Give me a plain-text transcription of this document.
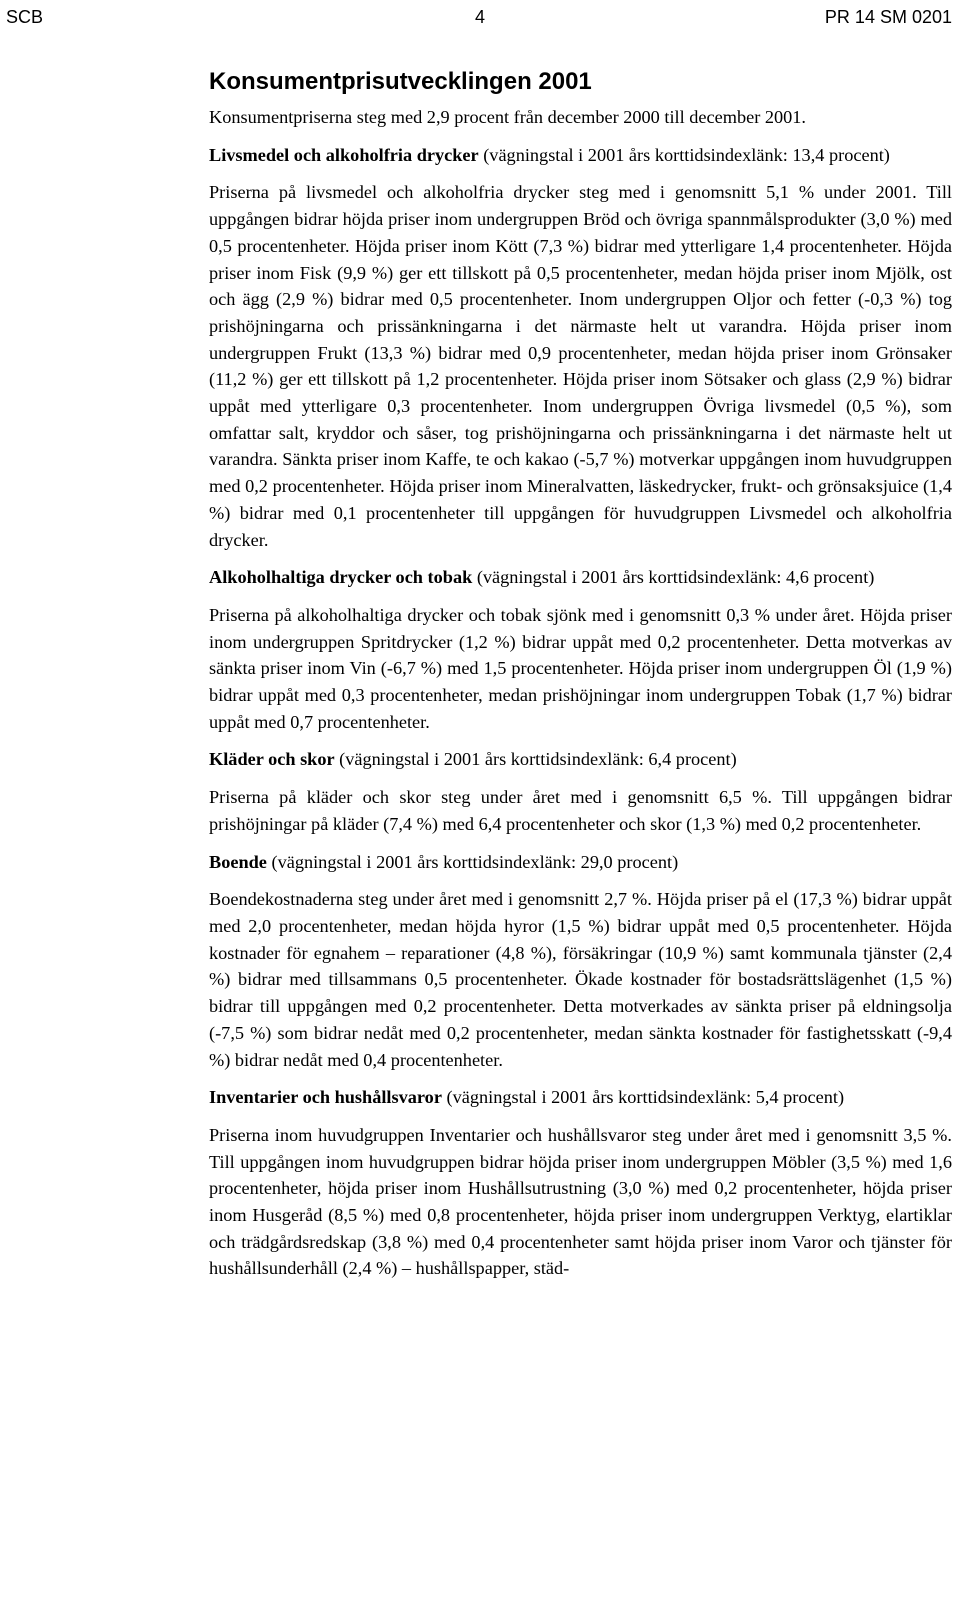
SCB	4	PR 14 SM 0201
Konsumentprisutvecklingen 2001

Konsumentpriserna steg med 2,9 procent från december 2000 till december 2001.

Livsmedel och alkoholfria drycker (vägningstal i 2001 års korttidsindexlänk: 13,4 procent)

Priserna på livsmedel och alkoholfria drycker steg med i genomsnitt 5,1 % under 2001. Till uppgången bidrar höjda priser inom undergruppen Bröd och övriga spannmålsprodukter (3,0 %) med 0,5 procentenheter. Höjda priser inom Kött (7,3 %) bidrar med ytterligare 1,4 procentenheter. Höjda priser inom Fisk (9,9 %) ger ett tillskott på 0,5 procentenheter, medan höjda priser inom Mjölk, ost och ägg (2,9 %) bidrar med 0,5 procentenheter. Inom undergruppen Oljor och fetter (-0,3 %) tog prishöjningarna och prissänkningarna i det närmaste helt ut varandra. Höjda priser inom undergruppen Frukt (13,3 %) bidrar med 0,9 procentenheter, medan höjda priser inom Grönsaker (11,2 %) ger ett tillskott på 1,2 procentenheter. Höjda priser inom Sötsaker och glass (2,9 %) bidrar uppåt med ytterligare 0,3 procentenheter. Inom undergruppen Övriga livsmedel (0,5 %), som omfattar salt, kryddor och såser, tog prishöjningarna och prissänkningarna i det närmaste helt ut varandra. Sänkta priser inom Kaffe, te och kakao (-5,7 %) motverkar uppgången inom huvudgruppen med 0,2 procentenheter. Höjda priser inom Mineralvatten, läskedrycker, frukt- och grönsaksjuice (1,4 %) bidrar med 0,1 procentenheter till uppgången för huvudgruppen Livsmedel och alkoholfria drycker.

Alkoholhaltiga drycker och tobak (vägningstal i 2001 års korttidsindexlänk: 4,6 procent)

Priserna på alkoholhaltiga drycker och tobak sjönk med i genomsnitt 0,3 % under året. Höjda priser inom undergruppen Spritdrycker (1,2 %) bidrar uppåt med 0,2 procentenheter. Detta motverkas av sänkta priser inom Vin (-6,7 %) med 1,5 procentenheter. Höjda priser inom undergruppen Öl (1,9 %) bidrar uppåt med 0,3 procentenheter, medan prishöjningar inom undergruppen Tobak (1,7 %) bidrar uppåt med 0,7 procentenheter.

Kläder och skor (vägningstal i 2001 års korttidsindexlänk: 6,4 procent)

Priserna på kläder och skor steg under året med i genomsnitt 6,5 %. Till uppgången bidrar prishöjningar på kläder (7,4 %) med 6,4 procentenheter och skor (1,3 %) med 0,2 procentenheter.

Boende (vägningstal i 2001 års korttidsindexlänk: 29,0 procent)

Boendekostnaderna steg under året med i genomsnitt 2,7 %. Höjda priser på el (17,3 %) bidrar uppåt med 2,0 procentenheter, medan höjda hyror (1,5 %) bidrar uppåt med 0,5 procentenheter. Höjda kostnader för egnahem – reparationer (4,8 %), försäkringar (10,9 %) samt kommunala tjänster (2,4 %) bidrar med tillsammans 0,5 procentenheter. Ökade kostnader för bostadsrättslägenhet (1,5 %) bidrar till uppgången med 0,2 procentenheter. Detta motverkades av sänkta priser på eldningsolja (-7,5 %) som bidrar nedåt med 0,2 procentenheter, medan sänkta kostnader för fastighetsskatt (-9,4 %) bidrar nedåt med 0,4 procentenheter.

Inventarier och hushållsvaror (vägningstal i 2001 års korttidsindexlänk: 5,4 procent)

Priserna inom huvudgruppen Inventarier och hushållsvaror steg under året med i genomsnitt 3,5 %. Till uppgången inom huvudgruppen bidrar höjda priser inom undergruppen Möbler (3,5 %) med 1,6 procentenheter, höjda priser inom Hushållsutrustning (3,0 %) med 0,2 procentenheter, höjda priser inom Husgeråd (8,5 %) med 0,8 procentenheter, höjda priser inom undergruppen Verktyg, elartiklar och trädgårdsredskap (3,8 %) med 0,4 procentenheter samt höjda priser inom Varor och tjänster för hushållsunderhåll (2,4 %) – hushållspapper, städ-
